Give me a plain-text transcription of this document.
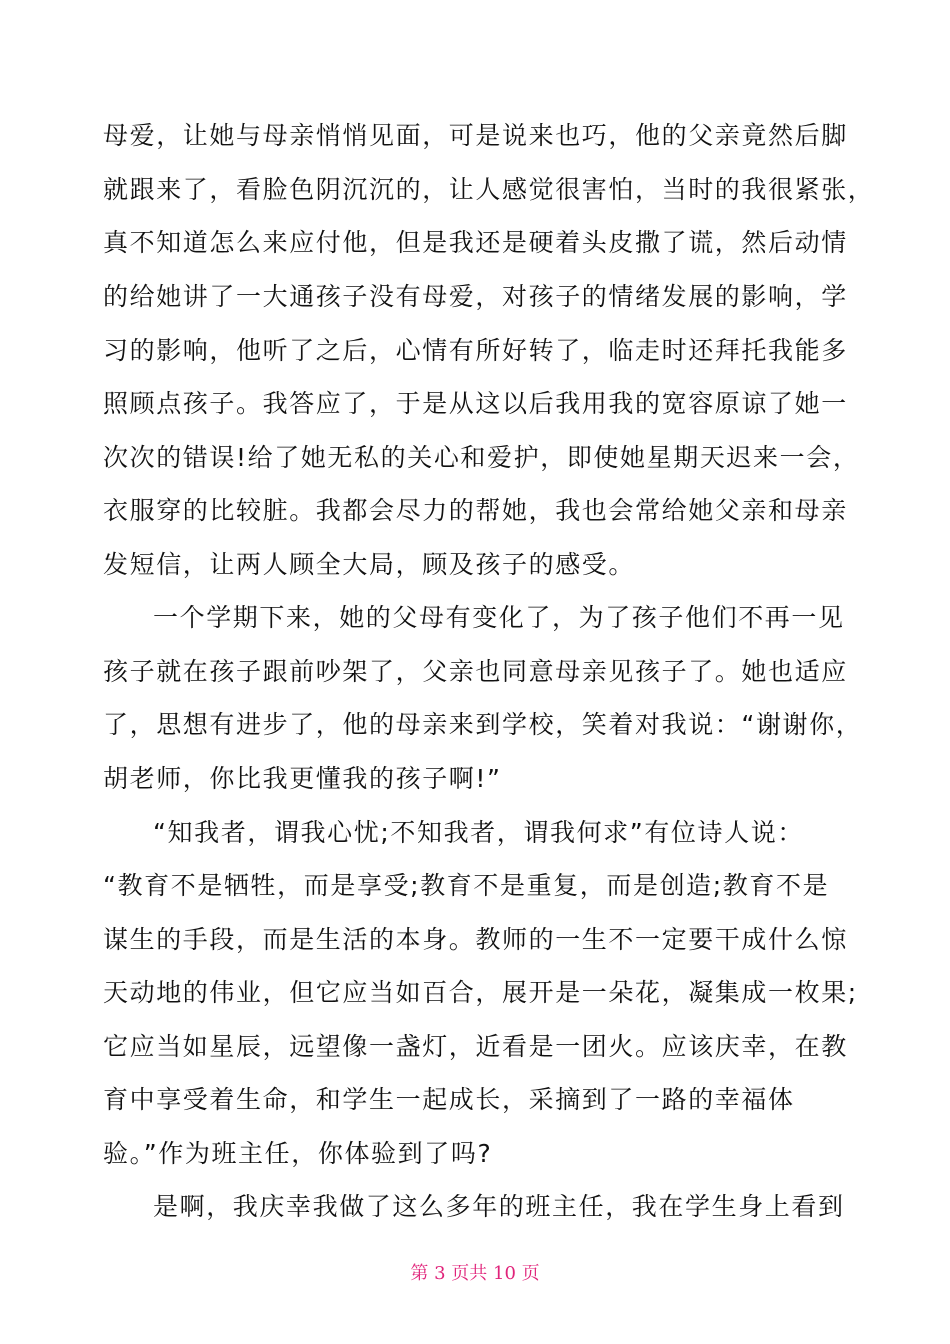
母爱，让她与母亲悄悄见面，可是说来也巧，他的父亲竟然后脚
就跟来了，看脸色阴沉沉的，让人感觉很害怕，当时的我很紧张，
真不知道怎么来应付他，但是我还是硬着头皮撒了谎，然后动情
的给她讲了一大通孩子没有母爱，对孩子的情绪发展的影响，学
习的影响，他听了之后，心情有所好转了，临走时还拜托我能多
照顾点孩子。我答应了，于是从这以后我用我的宽容原谅了她一
次次的错误!给了她无私的关心和爱护，即使她星期天迟来一会，
衣服穿的比较脏。我都会尽力的帮她，我也会常给她父亲和母亲
发短信，让两人顾全大局，顾及孩子的感受。
一个学期下来，她的父母有变化了，为了孩子他们不再一见
孩子就在孩子跟前吵架了，父亲也同意母亲见孩子了。她也适应
了，思想有进步了，他的母亲来到学校，笑着对我说：“谢谢你，
胡老师，你比我更懂我的孩子啊!”
“知我者，谓我心忧;不知我者，谓我何求”有位诗人说：
“教育不是牺牲，而是享受;教育不是重复，而是创造;教育不是
谋生的手段，而是生活的本身。教师的一生不一定要干成什么惊
天动地的伟业，但它应当如百合，展开是一朵花，凝集成一枚果;
它应当如星辰，远望像一盏灯，近看是一团火。应该庆幸，在教
育中享受着生命，和学生一起成长，采摘到了一路的幸福体
验。”作为班主任，你体验到了吗?
是啊，我庆幸我做了这么多年的班主任，我在学生身上看到
第 3 页共 10 页
